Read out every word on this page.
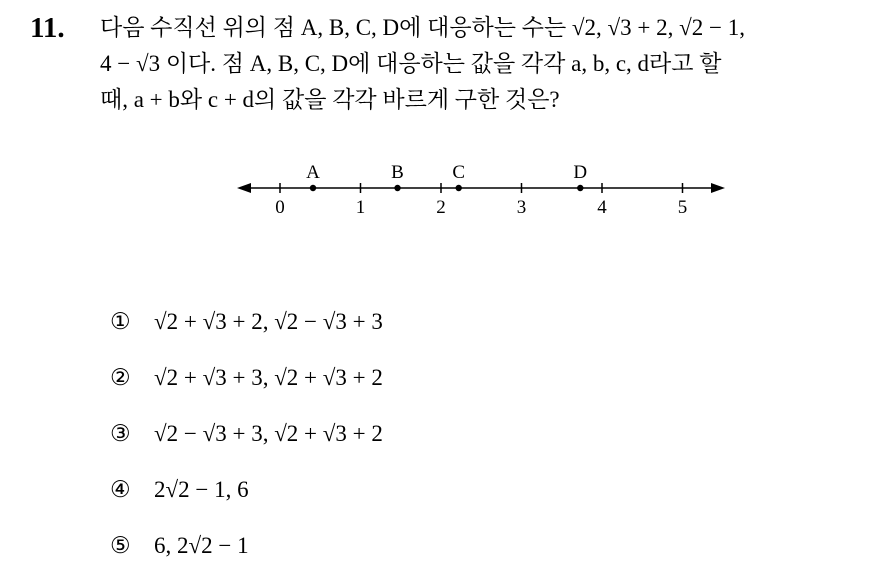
11. 다음 수직선 위의 점 A, B, C, D에 대응하는 수는 √2, √3 + 2, √2 − 1,
4 − √3 이다. 점 A, B, C, D에 대응하는 값을 각각 a, b, c, d라고 할
때, a + b와 c + d의 값을 각각 바르게 구한 것은?
0	1	2	3	4	5
A	B	C	D
① √2 + √3 + 2, √2 − √3 + 3
② √2 + √3 + 3, √2 + √3 + 2
③ √2 − √3 + 3, √2 + √3 + 2
④ 2√2 − 1, 6
⑤ 6, 2√2 − 1
